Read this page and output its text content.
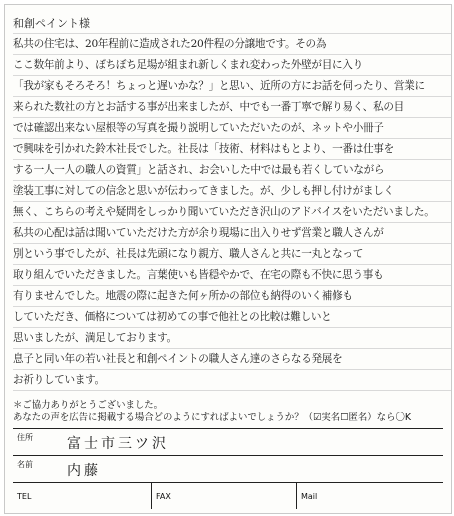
和創ペイント様
私共の住宅は、20年程前に造成された20件程の分譲地です。その為
ここ数年前より、ぼちぼち足場が組まれ新しくまれ変わった外壁が目に入り
「我が家もそろそろ！ちょっと遅いかな？」と思い、近所の方にお話を伺ったり、営業に
来られた数社の方とお話する事が出来ましたが、中でも一番丁寧で解り易く、私の目
では確認出来ない屋根等の写真を撮り説明していただいたのが、ネットや小冊子
で興味を引かれた鈴木社長でした。社長は「技術、材料はもとより、一番は仕事を
する一人一人の職人の資質」と話され、お会いした中では最も若くしていながら
塗装工事に対しての信念と思いが伝わってきました。が、少しも押し付けがましく
無く、こちらの考えや疑問をしっかり聞いていただき沢山のアドバイスをいただいました。
私共の心配は話は聞いていただけた方が余り現場に出入りせず営業と職人さんが
別という事でしたが、社長は先頭になり親方、職人さんと共に一丸となって
取り組んでいただきました。言葉使いも皆穏やかで、在宅の際も不快に思う事も
有りませんでした。地震の際に起きた何ヶ所かの部位も納得のいく補修も
していただき、価格については初めての事で他社との比較は難しいと
思いましたが、満足しております。
息子と同い年の若い社長と和創ペイントの職人さん達のさらなる発展を
お祈りしています。
＊ご協力ありがとうございました。
あなたの声を広告に掲載する場合どのようにすればよいでしょうか？（☑実名☐匿名）なら〇K
住所 富士市三ツ沢
名前 内藤
TEL	FAX	Mail
